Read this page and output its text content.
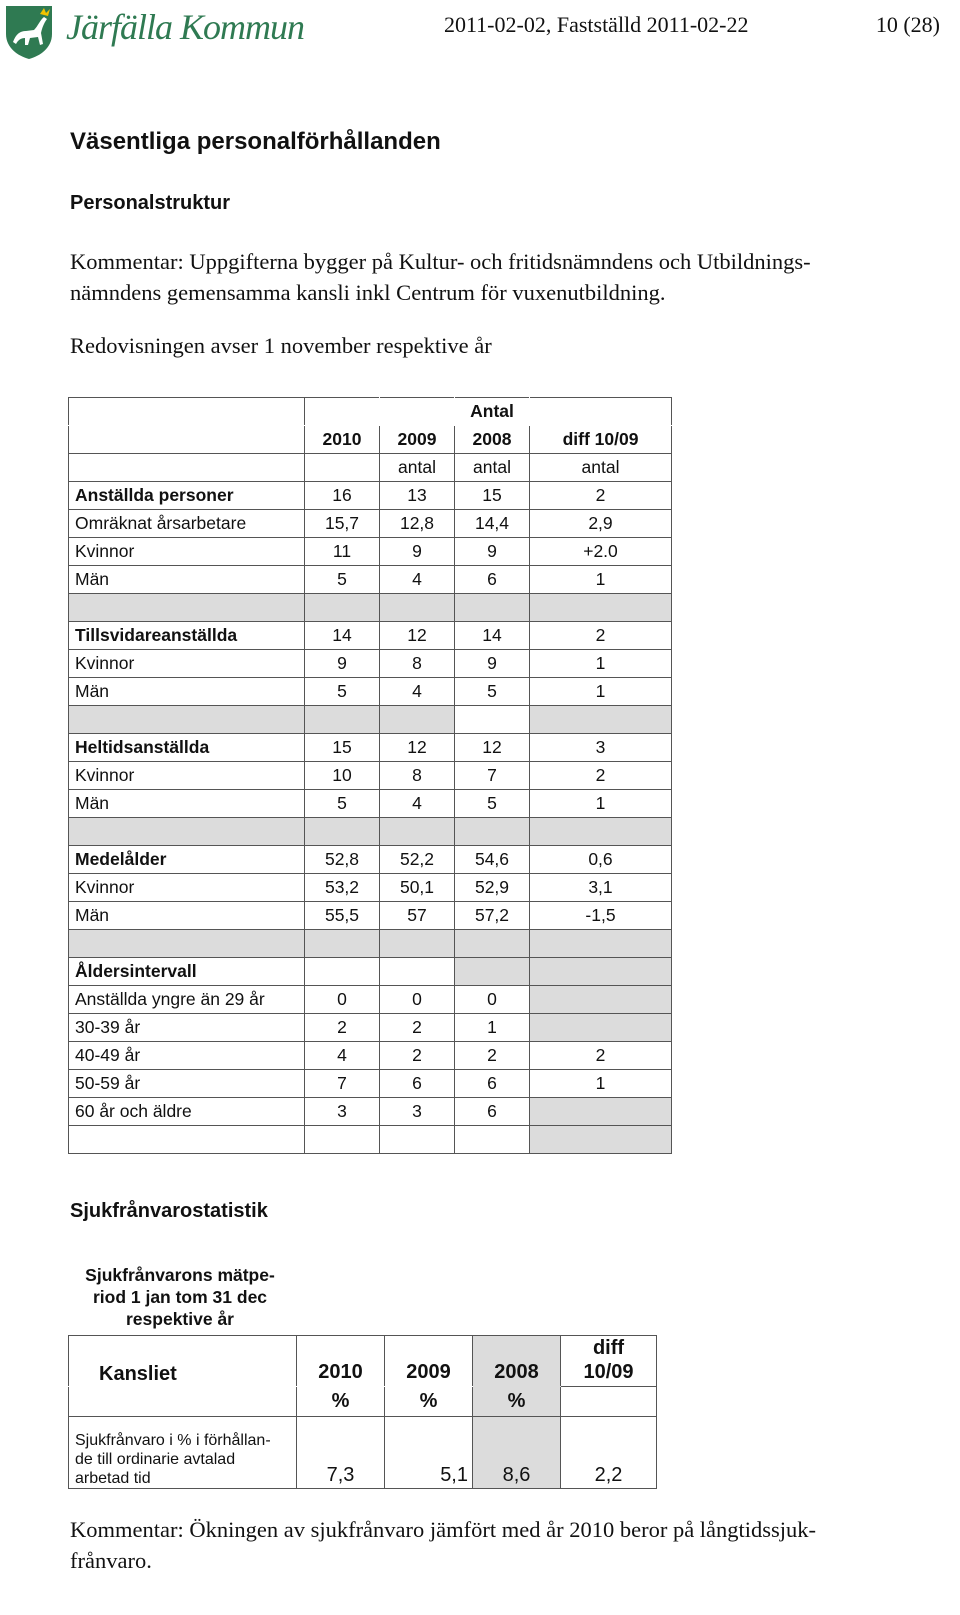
Järfälla Kommun	2011-02-02, Fastställd 2011-02-22	10 (28)
Väsentliga personalförhållanden
Personalstruktur
Kommentar: Uppgifterna bygger på Kultur- och fritidsnämndens och Utbildnings-
nämndens gemensamma kansli inkl Centrum för vuxenutbildning.
Redovisningen avser 1 november respektive år
			Antal	
	2010	2009	2008	diff 10/09
		antal	antal	antal
Anställda personer	16	13	15	2
Omräknat årsarbetare	15,7	12,8	14,4	2,9
Kvinnor	11	9	9	+2.0
Män	5	4	6	1

Tillsvidareanställda	14	12	14	2
Kvinnor	9	8	9	1
Män	5	4	5	1

Heltidsanställda	15	12	12	3
Kvinnor	10	8	7	2
Män	5	4	5	1

Medelålder	52,8	52,2	54,6	0,6
Kvinnor	53,2	50,1	52,9	3,1
Män	55,5	57	57,2	-1,5

Åldersintervall				
Anställda yngre än 29 år	0	0	0	
30-39 år	2	2	1	
40-49 år	4	2	2	2
50-59 år	7	6	6	1
60 år och äldre	3	3	6	

Sjukfrånvarostatistik
Sjukfrånvarons mätpe-
riod 1 jan tom 31 dec
respektive år
Kansliet	2010	2009	2008	diff
10/09

	%	%	%	

Sjukfrånvaro i % i förhållan-
de till ordinarie avtalad
arbetad tid	7,3	5,1	8,6	2,2
Kommentar: Ökningen av sjukfrånvaro jämfört med år 2010 beror på långtidssjuk-
frånvaro.
